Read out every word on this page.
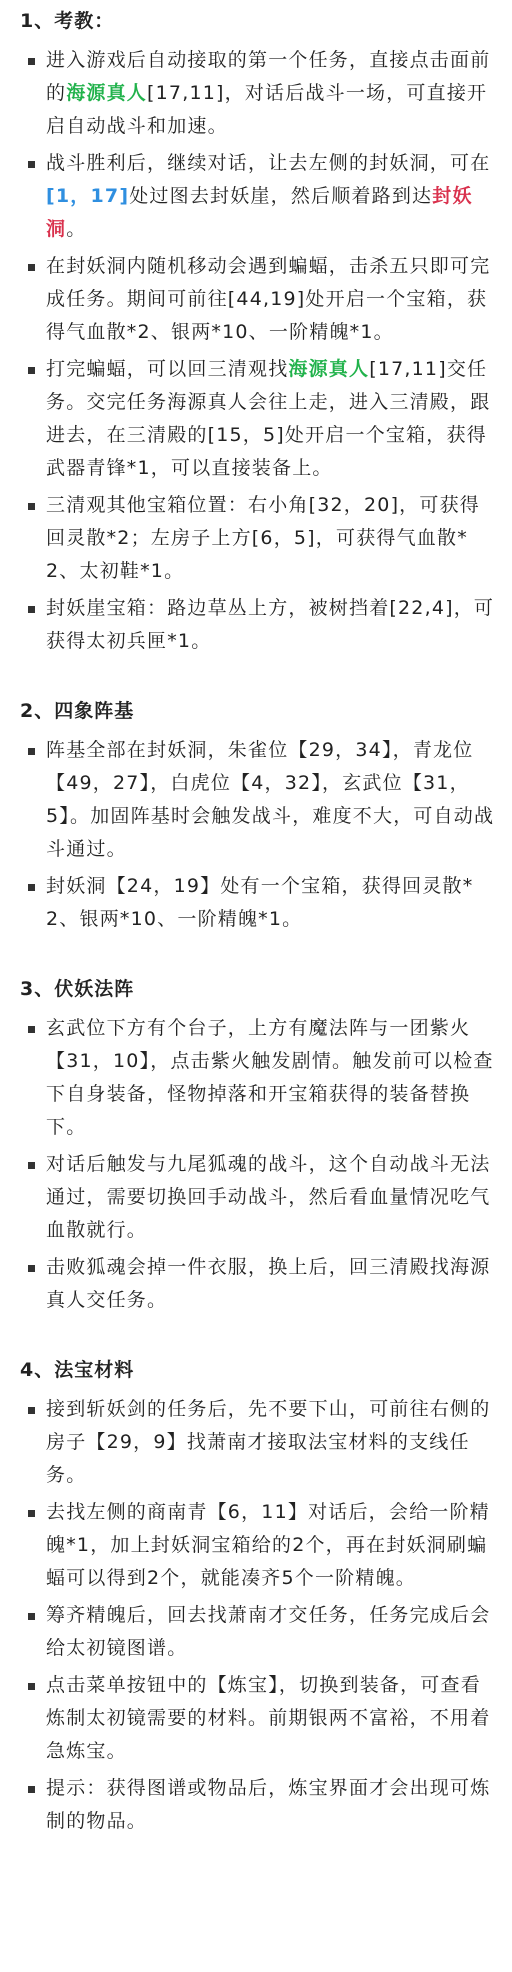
1、考教：
进入游戏后自动接取的第一个任务，直接点击面前的海源真人[17,11]，对话后战斗一场，可直接开启自动战斗和加速。
战斗胜利后，继续对话，让去左侧的封妖洞，可在[1，17]处过图去封妖崖，然后顺着路到达封妖洞。
在封妖洞内随机移动会遇到蝙蝠，击杀五只即可完成任务。期间可前往[44,19]处开启一个宝箱，获得气血散*2、银两*10、一阶精魄*1。
打完蝙蝠，可以回三清观找海源真人[17,11]交任务。交完任务海源真人会往上走，进入三清殿，跟进去，在三清殿的[15，5]处开启一个宝箱，获得武器青锋*1，可以直接装备上。
三清观其他宝箱位置：右小角[32，20]，可获得回灵散*2；左房子上方[6，5]，可获得气血散*2、太初鞋*1。
封妖崖宝箱：路边草丛上方，被树挡着[22,4]，可获得太初兵匣*1。
2、四象阵基
阵基全部在封妖洞，朱雀位【29，34】，青龙位【49，27】，白虎位【4，32】，玄武位【31，5】。加固阵基时会触发战斗，难度不大，可自动战斗通过。
封妖洞【24，19】处有一个宝箱，获得回灵散*2、银两*10、一阶精魄*1。
3、伏妖法阵
玄武位下方有个台子，上方有魔法阵与一团紫火【31，10】，点击紫火触发剧情。触发前可以检查下自身装备，怪物掉落和开宝箱获得的装备替换下。
对话后触发与九尾狐魂的战斗，这个自动战斗无法通过，需要切换回手动战斗，然后看血量情况吃气血散就行。
击败狐魂会掉一件衣服，换上后，回三清殿找海源真人交任务。
4、法宝材料
接到斩妖剑的任务后，先不要下山，可前往右侧的房子【29，9】找萧南才接取法宝材料的支线任务。
去找左侧的商南青【6，11】对话后，会给一阶精魄*1，加上封妖洞宝箱给的2个，再在封妖洞刷蝙蝠可以得到2个，就能凑齐5个一阶精魄。
筹齐精魄后，回去找萧南才交任务，任务完成后会给太初镜图谱。
点击菜单按钮中的【炼宝】，切换到装备，可查看炼制太初镜需要的材料。前期银两不富裕，不用着急炼宝。
提示：获得图谱或物品后，炼宝界面才会出现可炼制的物品。
